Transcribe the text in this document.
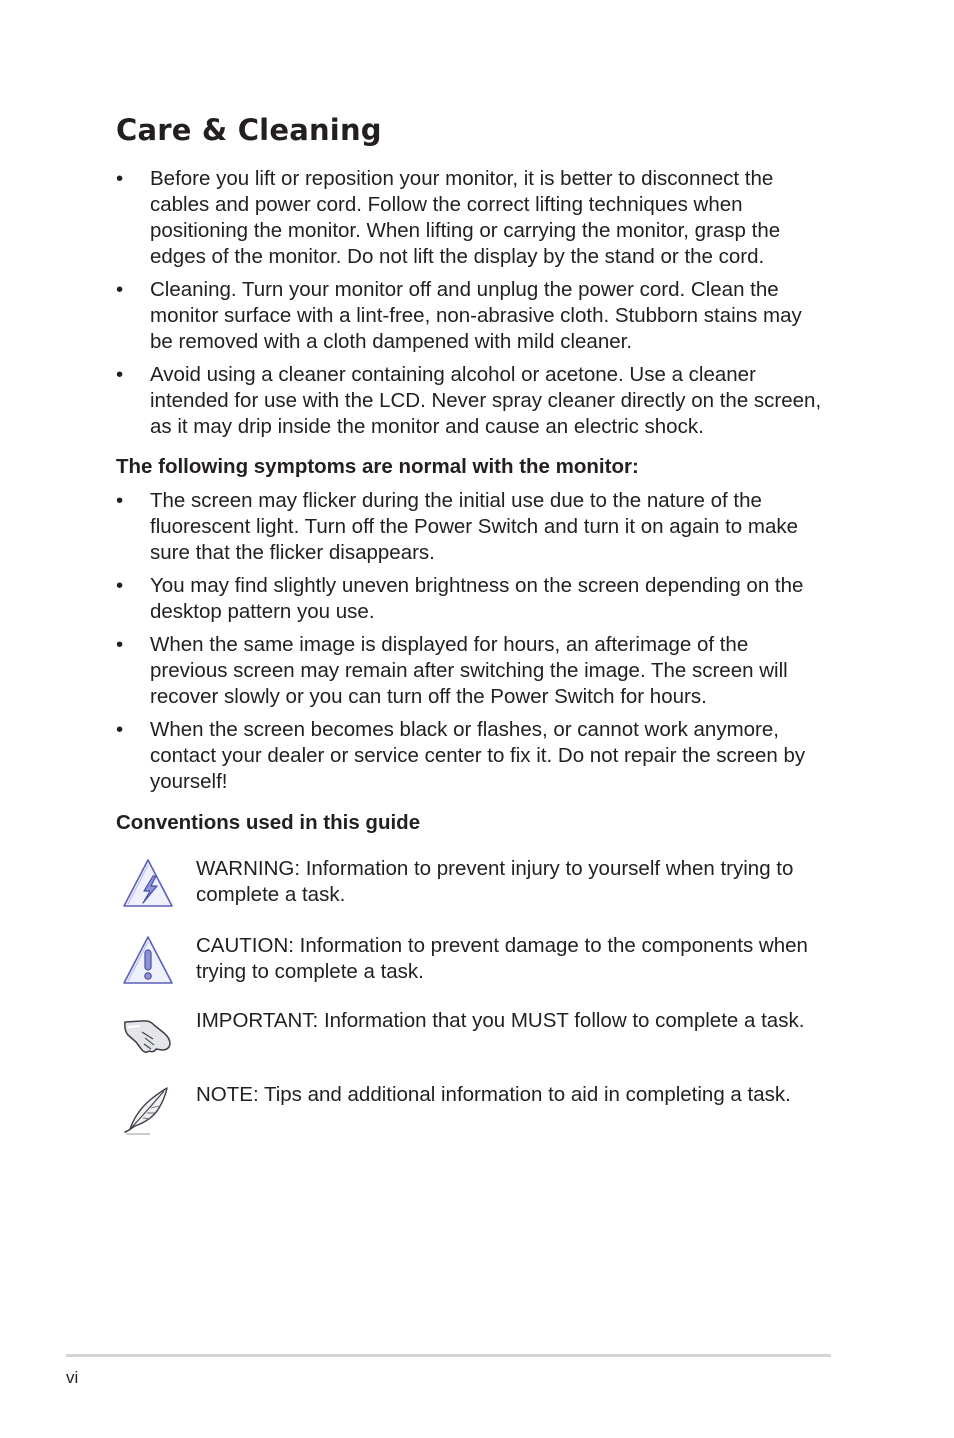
Care & Cleaning
• Before you lift or reposition your monitor, it is better to disconnect the cables and power cord. Follow the correct lifting techniques when positioning the monitor. When lifting or carrying the monitor, grasp the edges of the monitor. Do not lift the display by the stand or the cord.
• Cleaning. Turn your monitor off and unplug the power cord. Clean the monitor surface with a lint-free, non-abrasive cloth. Stubborn stains may be removed with a cloth dampened with mild cleaner.
• Avoid using a cleaner containing alcohol or acetone. Use a cleaner intended for use with the LCD. Never spray cleaner directly on the screen, as it may drip inside the monitor and cause an electric shock.
The following symptoms are normal with the monitor:
• The screen may flicker during the initial use due to the nature of the fluorescent light. Turn off the Power Switch and turn it on again to make sure that the flicker disappears.
• You may find slightly uneven brightness on the screen depending on the desktop pattern you use.
• When the same image is displayed for hours, an afterimage of the previous screen may remain after switching the image. The screen will recover slowly or you can turn off the Power Switch for hours.
• When the screen becomes black or flashes, or cannot work anymore, contact your dealer or service center to fix it. Do not repair the screen by yourself!
Conventions used in this guide
WARNING: Information to prevent injury to yourself when trying to complete a task.
CAUTION: Information to prevent damage to the components when trying to complete a task.
IMPORTANT: Information that you MUST follow to complete a task.
NOTE: Tips and additional information to aid in completing a task.
vi
